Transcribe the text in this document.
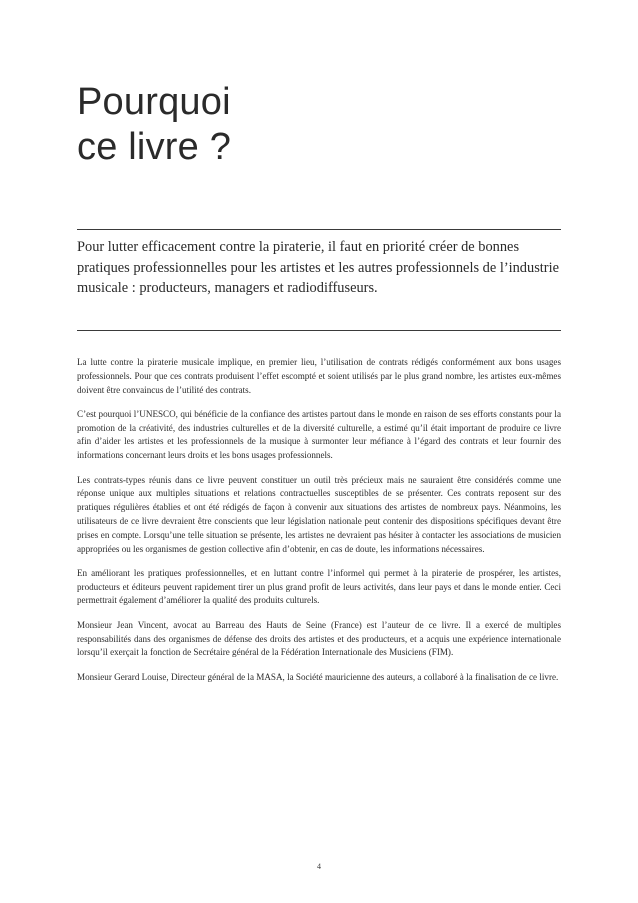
Pourquoi
ce livre ?

Pour lutter efficacement contre la piraterie, il faut en priorité créer de bonnes pratiques professionnelles pour les artistes et les autres professionnels de l’industrie musicale : producteurs, managers et radiodiffuseurs.

La lutte contre la piraterie musicale implique, en premier lieu, l’utilisation de contrats rédigés conformément aux bons usages professionnels. Pour que ces contrats produisent l’effet escompté et soient utilisés par le plus grand nombre, les artistes eux-mêmes doivent être convaincus de l’utilité des contrats.

C’est pourquoi l’UNESCO, qui bénéficie de la confiance des artistes partout dans le monde en raison de ses efforts constants pour la promotion de la créativité, des industries culturelles et de la diversité culturelle, a estimé qu’il était important de produire ce livre afin d’aider les artistes et les professionnels de la musique à surmonter leur méfiance à l’égard des contrats et leur fournir des informations concernant leurs droits et les bons usages professionnels.

Les contrats-types réunis dans ce livre peuvent constituer un outil très précieux mais ne sauraient être considérés comme une réponse unique aux multiples situations et relations contractuelles susceptibles de se présenter. Ces contrats reposent sur des pratiques régulières établies et ont été rédigés de façon à convenir aux situations des artistes de nombreux pays. Néanmoins, les utilisateurs de ce livre devraient être conscients que leur législation nationale peut contenir des dispositions spécifiques devant être prises en compte. Lorsqu’une telle situation se présente, les artistes ne devraient pas hésiter à contacter les associations de musicien appropriées ou les organismes de gestion collective afin d’obtenir, en cas de doute, les informations nécessaires.

En améliorant les pratiques professionnelles, et en luttant contre l’informel qui permet à la piraterie de prospérer, les artistes, producteurs et éditeurs peuvent rapidement tirer un plus grand profit de leurs activités, dans leur pays et dans le monde entier. Ceci permettrait également d’améliorer la qualité des produits culturels.

Monsieur Jean Vincent, avocat au Barreau des Hauts de Seine (France) est l’auteur de ce livre. Il a exercé de multiples responsabilités dans des organismes de défense des droits des artistes et des producteurs, et a acquis une expérience internationale lorsqu’il exerçait la fonction de Secrétaire général de la Fédération Internationale des Musiciens (FIM).

Monsieur Gerard Louise, Directeur général de la MASA, la Société mauricienne des auteurs, a collaboré à la finalisation de ce livre.

4
